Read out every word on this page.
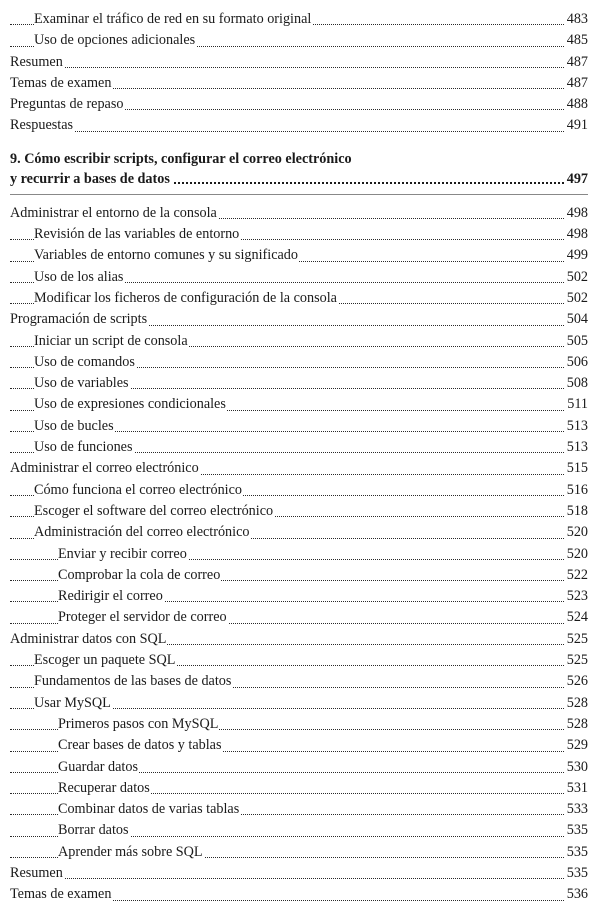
Examinar el tráfico de red en su formato original	483
Uso de opciones adicionales	485
Resumen	487
Temas de examen	487
Preguntas de repaso	488
Respuestas	491
9. Cómo escribir scripts, configurar el correo electrónico
y recurrir a bases de datos	497
Administrar el entorno de la consola	498
Revisión de las variables de entorno	498
Variables de entorno comunes y su significado	499
Uso de los alias	502
Modificar los ficheros de configuración de la consola	502
Programación de scripts	504
Iniciar un script de consola	505
Uso de comandos	506
Uso de variables	508
Uso de expresiones condicionales	511
Uso de bucles	513
Uso de funciones	513
Administrar el correo electrónico	515
Cómo funciona el correo electrónico	516
Escoger el software del correo electrónico	518
Administración del correo electrónico	520
Enviar y recibir correo	520
Comprobar la cola de correo	522
Redirigir el correo	523
Proteger el servidor de correo	524
Administrar datos con SQL	525
Escoger un paquete SQL	525
Fundamentos de las bases de datos	526
Usar MySQL	528
Primeros pasos con MySQL	528
Crear bases de datos y tablas	529
Guardar datos	530
Recuperar datos	531
Combinar datos de varias tablas	533
Borrar datos	535
Aprender más sobre SQL	535
Resumen	535
Temas de examen	536
